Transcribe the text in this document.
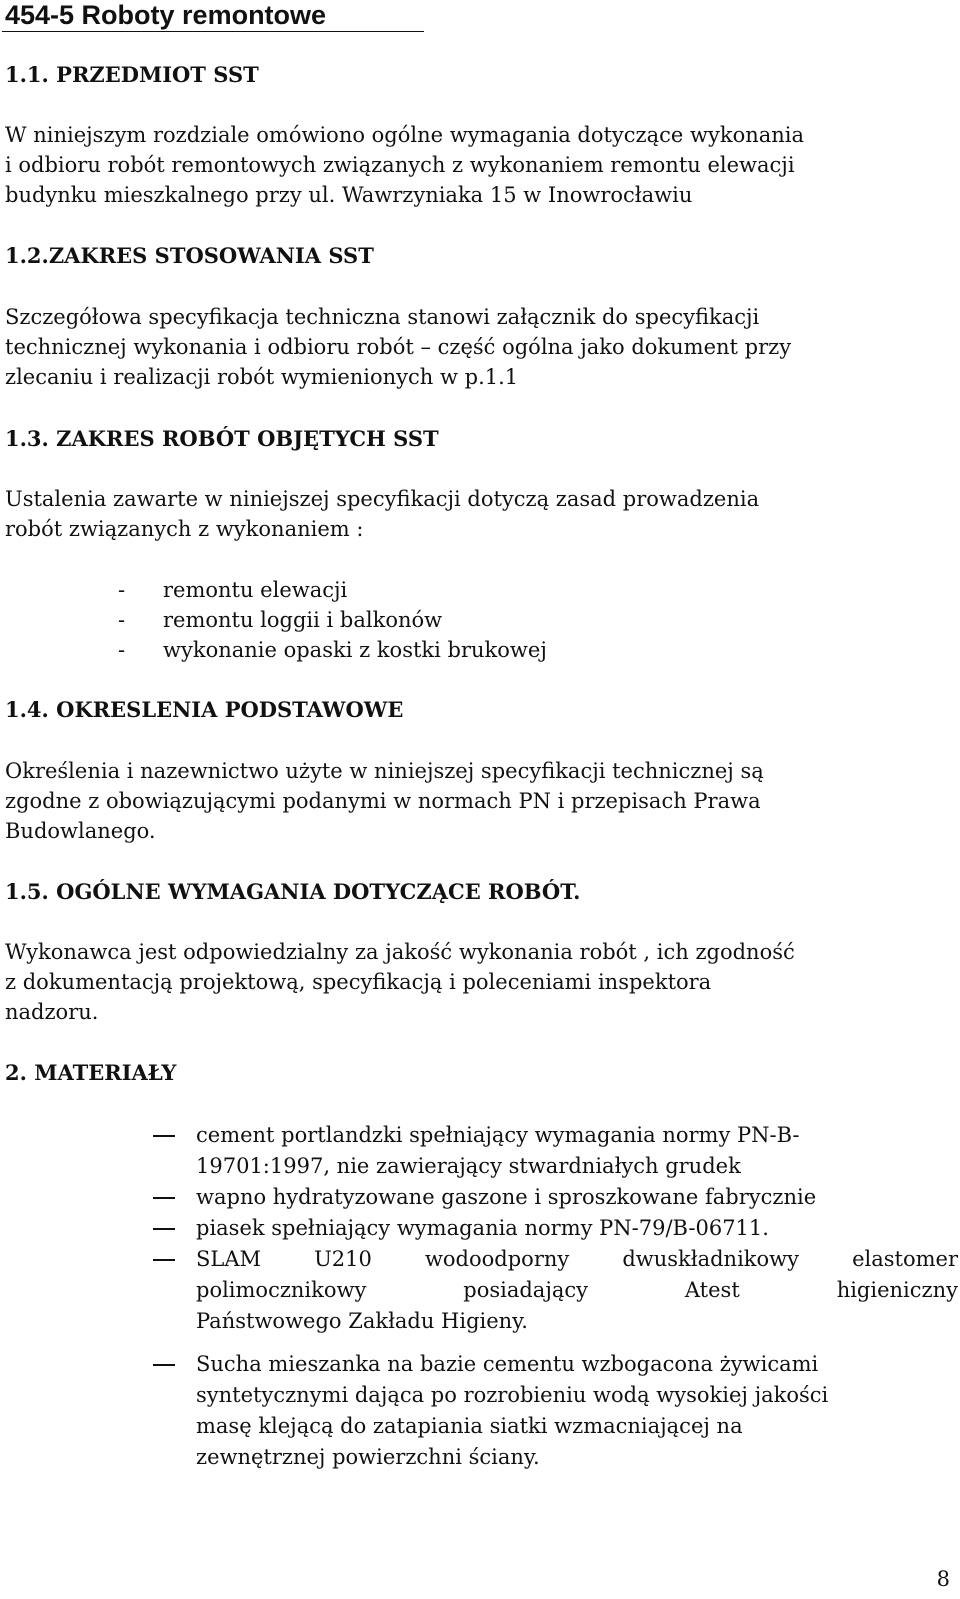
454-5 Roboty remontowe
1.1. PRZEDMIOT SST

W niniejszym rozdziale omówiono ogólne wymagania dotyczące wykonania
i odbioru robót remontowych związanych z wykonaniem remontu elewacji
budynku mieszkalnego przy ul. Wawrzyniaka 15 w Inowrocławiu

1.2.ZAKRES STOSOWANIA SST

Szczegółowa specyfikacja techniczna stanowi załącznik do specyfikacji
technicznej wykonania i odbioru robót – część ogólna jako dokument przy
zlecaniu i realizacji robót wymienionych w p.1.1

1.3. ZAKRES ROBÓT OBJĘTYCH SST

Ustalenia zawarte w niniejszej specyfikacji dotyczą zasad prowadzenia
robót związanych z wykonaniem :

- remontu elewacji
- remontu loggii i balkonów
- wykonanie opaski z kostki brukowej
1.4. OKRESLENIA PODSTAWOWE

Określenia i nazewnictwo użyte w niniejszej specyfikacji technicznej są
zgodne z obowiązującymi podanymi w normach PN i przepisach Prawa
Budowlanego.

1.5. OGÓLNE WYMAGANIA DOTYCZĄCE ROBÓT.

Wykonawca jest odpowiedzialny za jakość wykonania robót , ich zgodność
z dokumentacją projektową, specyfikacją i poleceniami inspektora
nadzoru.

2. MATERIAŁY
cement portlandzki spełniający wymagania normy PN-B-
19701:1997, nie zawierający stwardniałych grudek
wapno hydratyzowane gaszone i sproszkowane fabrycznie
piasek spełniający wymagania normy PN-79/B-06711.
SLAM	U210	wodoodporny	dwuskładnikowy	elastomer
polimocznikowy	posiadający	Atest	higieniczny
Państwowego Zakładu Higieny.
Sucha mieszanka na bazie cementu wzbogacona żywicami
syntetycznymi dająca po rozrobieniu wodą wysokiej jakości
masę klejącą do zatapiania siatki wzmacniającej na
zewnętrznej powierzchni ściany.
8
